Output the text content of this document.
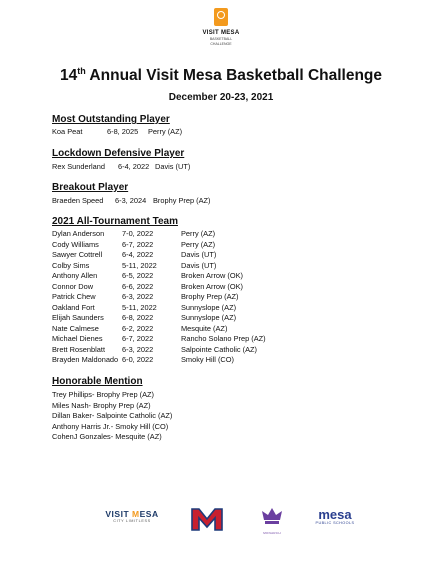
VISIT MESA
BASKETBALL CHALLENGE
14th Annual Visit Mesa Basketball Challenge
December 20-23, 2021
Most Outstanding Player
Koa Peat	6-8, 2025 Perry (AZ)
Lockdown Defensive Player
Rex Sunderland 6-4, 2022 Davis (UT)
Breakout Player
Braeden Speed 6-3, 2024 Brophy Prep (AZ)
2021 All-Tournament Team
Dylan Anderson 7-0, 2022	Perry (AZ)
Cody Williams	6-7, 2022	Perry (AZ)
Sawyer Cottrell	6-4, 2022	Davis (UT)
Colby Sims	5-11, 2022	Davis (UT)
Anthony Allen	6-5, 2022	Broken Arrow (OK)
Connor Dow	6-6, 2022	Broken Arrow (OK)
Patrick Chew	6-3, 2022	Brophy Prep (AZ)
Oakland Fort	5-11, 2022	Sunnyslope (AZ)
Elijah Saunders 6-8, 2022	Sunnyslope (AZ)
Nate Calmese	6-2, 2022	Mesquite (AZ)
Michael Dienes	6-7, 2022	Rancho Solano Prep (AZ)
Brett Rosenblatt 6-3, 2022	Salpointe Catholic (AZ)
Brayden Maldonado 6-0, 2022	Smoky Hill (CO)
Honorable Mention
Trey Phillips- Brophy Prep (AZ)
Miles Nash- Brophy Prep (AZ)
Dillan Baker- Salpointe Catholic (AZ)
Anthony Harris Jr.- Smoky Hill (CO)
CohenJ Gonzales- Mesquite (AZ)
VISIT MESA
CITY LIMITLESS
MONARCH
mesa
PUBLIC SCHOOLS
